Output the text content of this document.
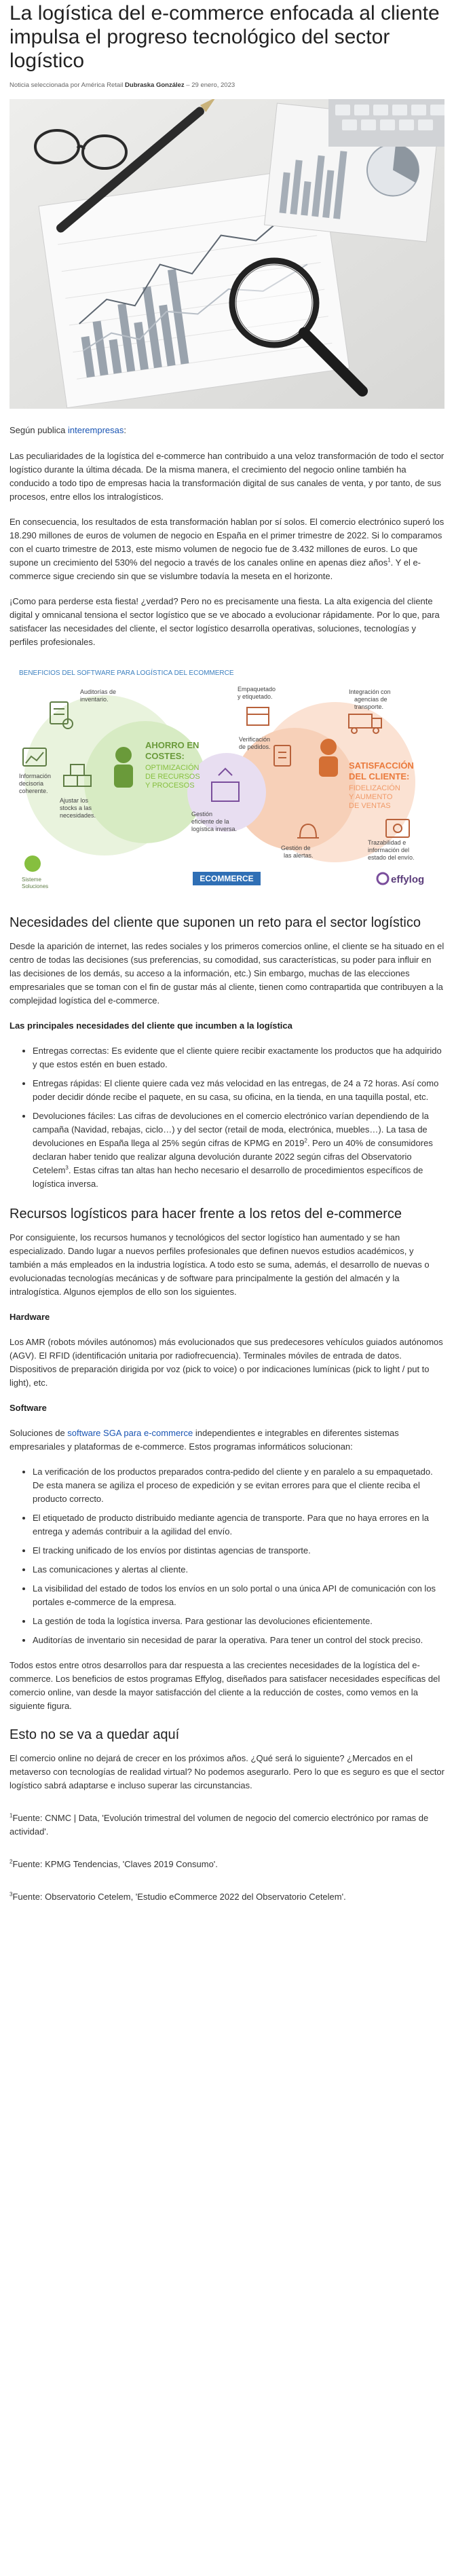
La logística del e-commerce enfocada al cliente impulsa el progreso tecnológico del sector logístico
Noticia seleccionada por América Retail Dubraska González – 29 enero, 2023
Según publica interempresas:

Las peculiaridades de la logística del e-commerce han contribuido a una veloz transformación de todo el sector logístico durante la última década. De la misma manera, el crecimiento del negocio online también ha conducido a todo tipo de empresas hacia la transformación digital de sus canales de venta, y por tanto, de sus procesos, entre ellos los intralogísticos.

En consecuencia, los resultados de esta transformación hablan por sí solos. El comercio electrónico superó los 18.290 millones de euros de volumen de negocio en España en el primer trimestre de 2022. Si lo comparamos con el cuarto trimestre de 2013, este mismo volumen de negocio fue de 3.432 millones de euros. Lo que supone un crecimiento del 530% del negocio a través de los canales online en apenas diez años$^1$. Y el e-commerce sigue creciendo sin que se vislumbre todavía la meseta en el horizonte.

¡Como para perderse esta fiesta! ¿verdad? Pero no es precisamente una fiesta. La alta exigencia del cliente digital y omnicanal tensiona el sector logístico que se ve abocado a evolucionar rápidamente. Por lo que, para satisfacer las necesidades del cliente, el sector logístico desarrolla operativas, soluciones, tecnologías y perfiles profesionales.

BENEFICIOS DEL SOFTWARE PARA LOGÍSTICA DEL ECOMMERCE
Auditorías de
inventario.
Información
decisoria
coherente.
Ajustar los
stocks a las
necesidades.
AHORRO EN
COSTES:
OPTIMIZACIÓN
DE RECURSOS
Y PROCESOS
Gestión
eficiente de la
logística inversa.
Empaquetado
y etiquetado.
Verificación
de pedidos.
Integración con
agencias de
transporte.
Gestión de
las alertas.
Trazabilidad e
información del
estado del envío.
SATISFACCIÓN
DEL CLIENTE:
FIDELIZACIÓN
Y AUMENTO
DE VENTAS
Sisteme
Soluciones
ECOMMERCE	effylog
Necesidades del cliente que suponen un reto para el sector logístico

Desde la aparición de internet, las redes sociales y los primeros comercios online, el cliente se ha situado en el centro de todas las decisiones (sus preferencias, su comodidad, sus características, su poder para influir en las decisiones de los demás, su acceso a la información, etc.) Sin embargo, muchas de las elecciones empresariales que se toman con el fin de gustar más al cliente, tienen como contrapartida que contribuyen a la complejidad logística del e-commerce.

Las principales necesidades del cliente que incumben a la logística
• Entregas correctas: Es evidente que el cliente quiere recibir exactamente los productos que ha adquirido y que estos estén en buen estado.
• Entregas rápidas: El cliente quiere cada vez más velocidad en las entregas, de 24 a 72 horas. Así como poder decidir dónde recibe el paquete, en su casa, su oficina, en la tienda, en una taquilla postal, etc.
• Devoluciones fáciles: Las cifras de devoluciones en el comercio electrónico varían dependiendo de la campaña (Navidad, rebajas, ciclo…) y del sector (retail de moda, electrónica, muebles…). La tasa de devoluciones en España llega al 25% según cifras de KPMG en 2019$^2$. Pero un 40% de consumidores declaran haber tenido que realizar alguna devolución durante 2022 según cifras del Observatorio Cetelem$^3$. Estas cifras tan altas han hecho necesario el desarrollo de procedimientos específicos de logística inversa.
Recursos logísticos para hacer frente a los retos del e-commerce

Por consiguiente, los recursos humanos y tecnológicos del sector logístico han aumentado y se han especializado. Dando lugar a nuevos perfiles profesionales que definen nuevos estudios académicos, y también a más empleados en la industria logística. A todo esto se suma, además, el desarrollo de nuevas o evolucionadas tecnologías mecánicas y de software para principalmente la gestión del almacén y la intralogística. Algunos ejemplos de ello son los siguientes.

Hardware

Los AMR (robots móviles autónomos) más evolucionados que sus predecesores vehículos guiados autónomos (AGV). El RFID (identificación unitaria por radiofrecuencia). Terminales móviles de entrada de datos. Dispositivos de preparación dirigida por voz (pick to voice) o por indicaciones lumínicas (pick to light / put to light), etc.

Software

Soluciones de software SGA para e-commerce independientes e integrables en diferentes sistemas empresariales y plataformas de e-commerce. Estos programas informáticos solucionan:

• La verificación de los productos preparados contra-pedido del cliente y en paralelo a su empaquetado. De esta manera se agiliza el proceso de expedición y se evitan errores para que el cliente reciba el producto correcto.
• El etiquetado de producto distribuido mediante agencia de transporte. Para que no haya errores en la entrega y además contribuir a la agilidad del envío.
• El tracking unificado de los envíos por distintas agencias de transporte.
• Las comunicaciones y alertas al cliente.
• La visibilidad del estado de todos los envíos en un solo portal o una única API de comunicación con los portales e-commerce de la empresa.
• La gestión de toda la logística inversa. Para gestionar las devoluciones eficientemente.
• Auditorías de inventario sin necesidad de parar la operativa. Para tener un control del stock preciso.

Todos estos entre otros desarrollos para dar respuesta a las crecientes necesidades de la logística del e-commerce. Los beneficios de estos programas Effylog, diseñados para satisfacer necesidades específicas del comercio online, van desde la mayor satisfacción del cliente a la reducción de costes, como vemos en la siguiente figura.

Esto no se va a quedar aquí

El comercio online no dejará de crecer en los próximos años. ¿Qué será lo siguiente? ¿Mercados en el metaverso con tecnologías de realidad virtual? No podemos asegurarlo. Pero lo que es seguro es que el sector logístico sabrá adaptarse e incluso superar las circunstancias.

$^1$Fuente: CNMC | Data, 'Evolución trimestral del volumen de negocio del comercio electrónico por ramas de actividad'.
$^2$Fuente: KPMG Tendencias, 'Claves 2019 Consumo'.
$^3$Fuente: Observatorio Cetelem, 'Estudio eCommerce 2022 del Observatorio Cetelem'.
